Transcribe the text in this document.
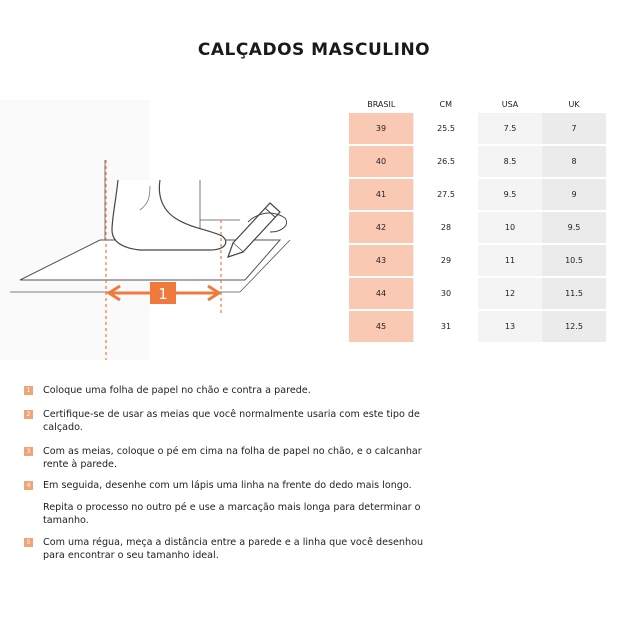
CALÇADOS MASCULINO
1
BRASIL	CM	USA	UK
39	25.5	7.5	7
40	26.5	8.5	8
41	27.5	9.5	9
42	28	10	9.5
43	29	11	10.5
44	30	12	11.5
45	31	13	12.5
1 Coloque uma folha de papel no chão e contra a parede.
2 Certifique-se de usar as meias que você normalmente usaria com este tipo de calçado.
3 Com as meias, coloque o pé em cima na folha de papel no chão, e o calcanhar rente à parede.
4 Em seguida, desenhe com um lápis uma linha na frente do dedo mais longo.
Repita o processo no outro pé e use a marcação mais longa para determinar o tamanho.
5 Com uma régua, meça a distância entre a parede e a linha que você desenhou para encontrar o seu tamanho ideal.
